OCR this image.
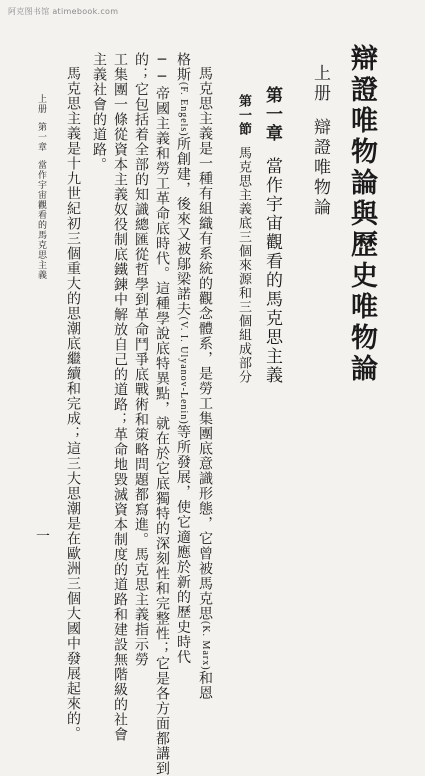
阿克图书馆 atimebook.com
辯證唯物論與歷史唯物論
上册辯證唯物論
第一章當作宇宙觀看的馬克思主義
第一節馬克思主義底三個來源和三個組成部分
馬克思主義是一種有組織有系統的觀念體系，是勞工集團底意識形態，它曾被馬克思(K. Marx)和恩
格斯(F. Engels)所創建，後來又被鄔梁諾夫(V. I. Ulyanov-Lenin)等所發展，使它適應於新的歷史時代
──帝國主義和勞工革命底時代。這種學說底特異點，就在於它底獨特的深刻性和完整性；它是各方面都講到
的；它包括着全部的知識總匯從哲學到革命鬥爭底戰術和策略問題都寫進。馬克思主義指示勞
工集團一條從資本主義奴役制底鐵鍊中解放自己的道路；革命地毀滅資本制度的道路和建設無階級的社會
主義社會的道路。
馬克思主義是十九世紀初三個重大的思潮底繼續和完成；這三大思潮是在歐洲三個大國中發展起來的。
上册第一章當作宇宙觀看的馬克思主義
一
